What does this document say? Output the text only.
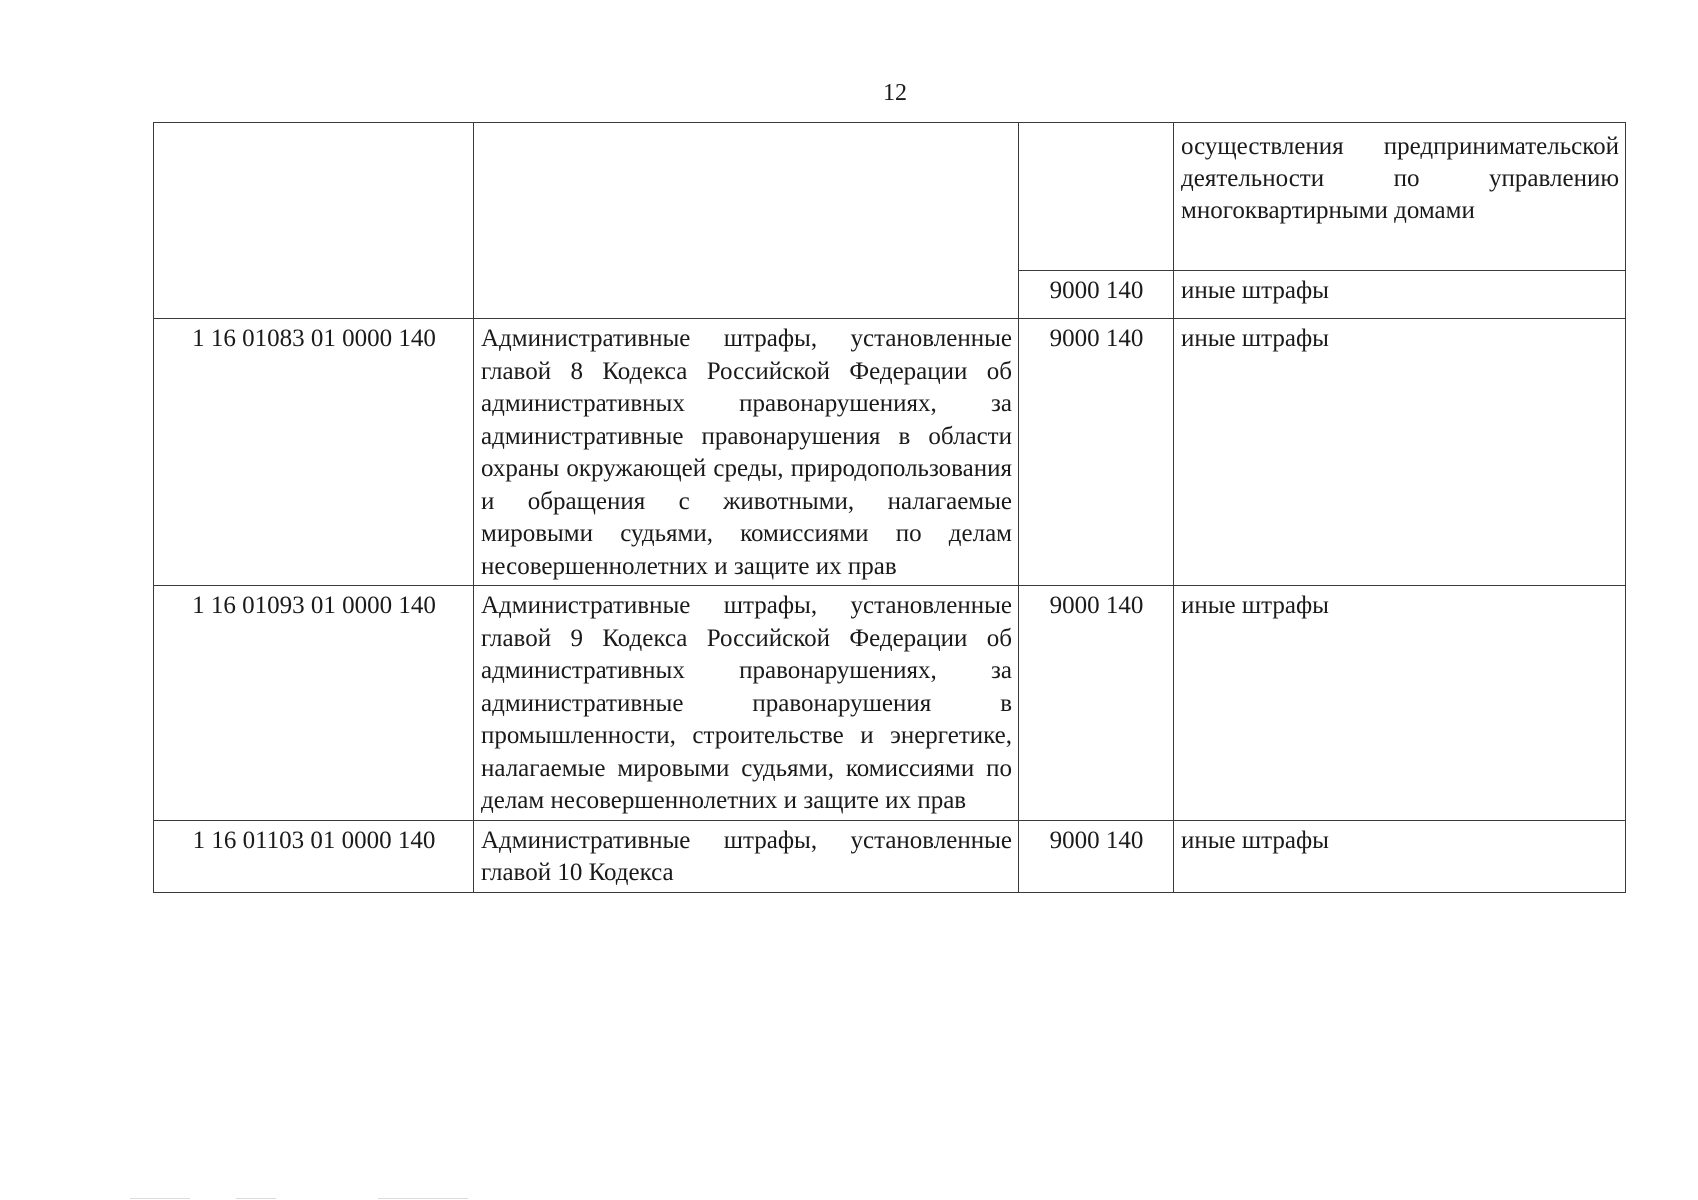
12
			осуществления предпринимательской деятельности по управлению многоквартирными домами
		9000 140	иные штрафы
1 16 01083 01 0000 140	Административные штрафы, установленные главой 8 Кодекса Российской Федерации об административных правонарушениях, за административные правонарушения в области охраны окружающей среды, природопользования и обращения с животными, налагаемые мировыми судьями, комиссиями по делам несовершеннолетних и защите их прав	9000 140	иные штрафы
1 16 01093 01 0000 140	Административные штрафы, установленные главой 9 Кодекса Российской Федерации об административных правонарушениях, за административные правонарушения в промышленности, строительстве и энергетике, налагаемые мировыми судьями, комиссиями по делам несовершеннолетних и защите их прав	9000 140	иные штрафы
1 16 01103 01 0000 140	Административные штрафы, установленные главой 10 Кодекса	9000 140	иные штрафы
